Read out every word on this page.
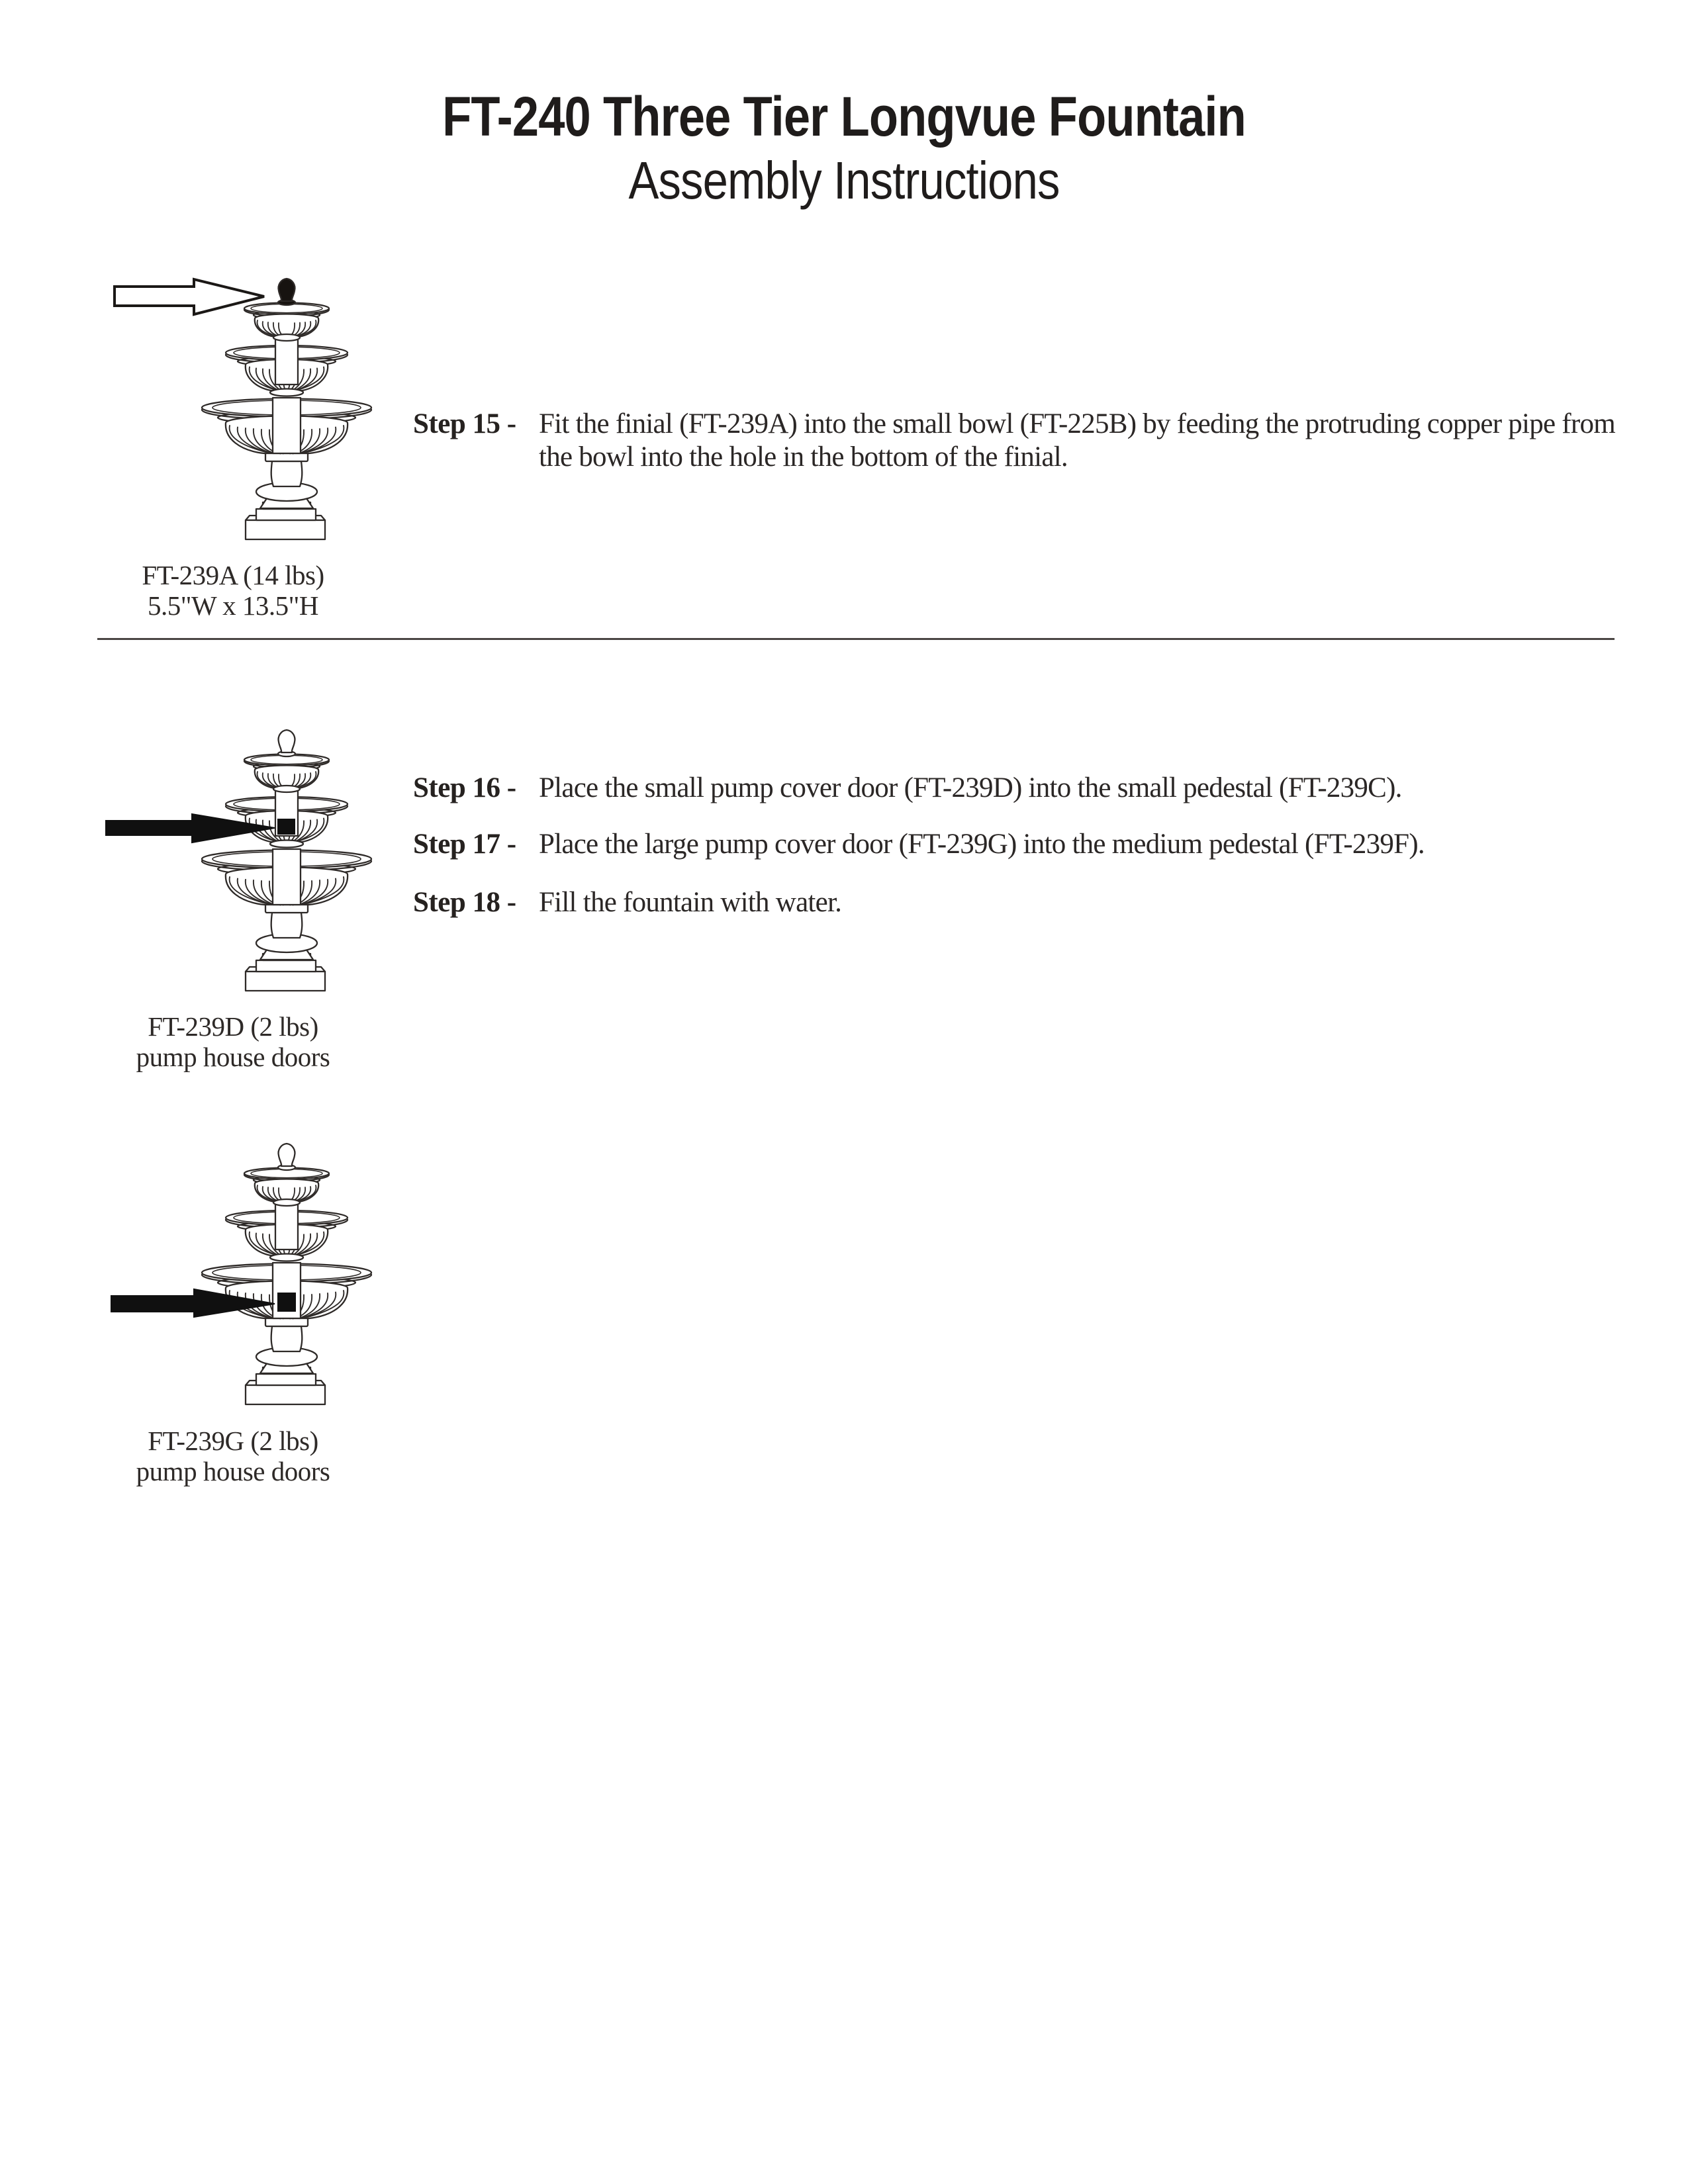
FT-240 Three Tier Longvue Fountain
Assembly Instructions
FT-239A (14 lbs)
5.5"W x 13.5"H
Step 15 - Fit the finial (FT-239A) into the small bowl (FT-225B) by feeding the protruding copper pipe from the bowl into the hole in the bottom of the finial.
FT-239D (2 lbs)
pump house doors
Step 16 - Place the small pump cover door (FT-239D) into the small pedestal (FT-239C).
Step 17 - Place the large pump cover door (FT-239G) into the medium pedestal (FT-239F).
Step 18 - Fill the fountain with water.
FT-239G (2 lbs)
pump house doors
